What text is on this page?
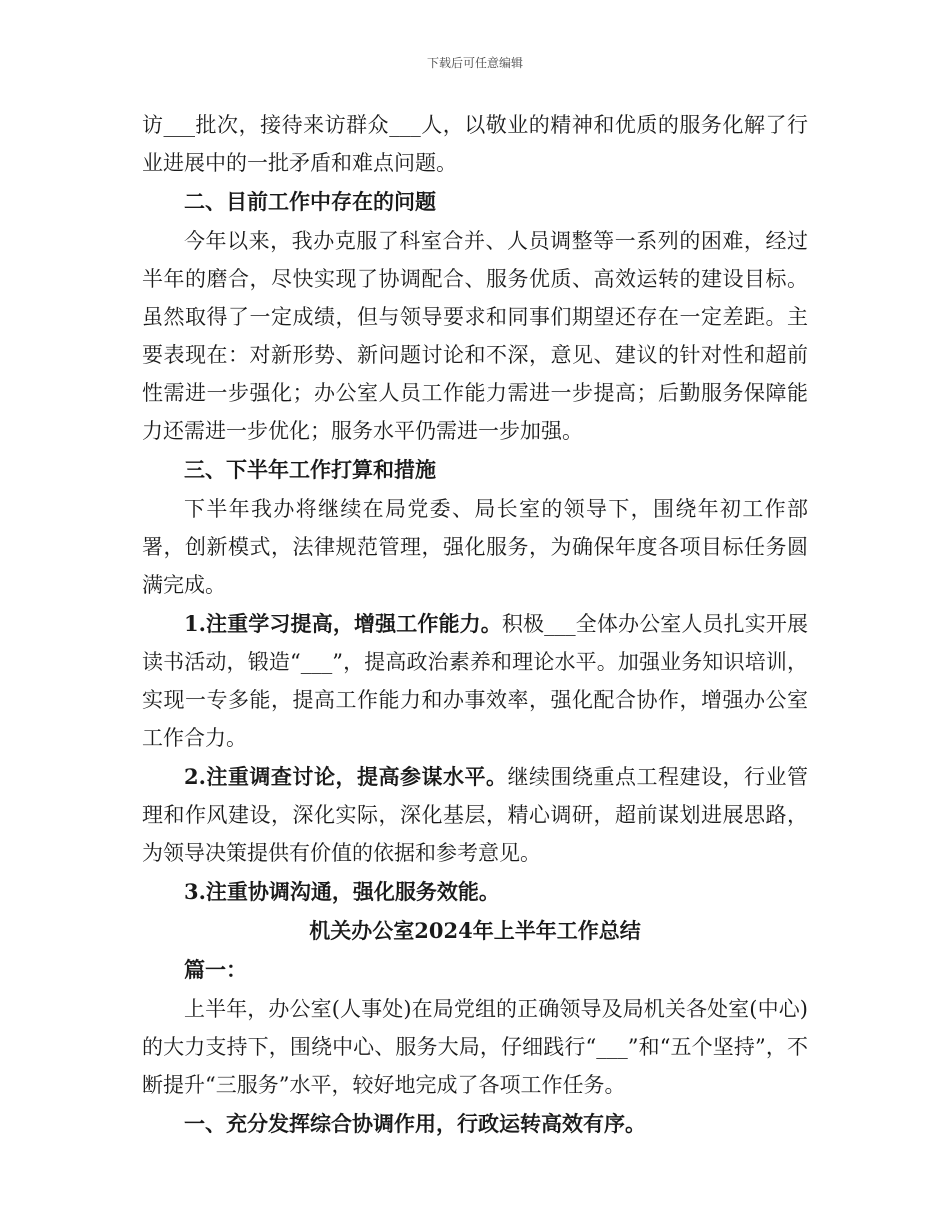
下载后可任意编辑

访___批次，接待来访群众___人，以敬业的精神和优质的服务化解了行业进展中的一批矛盾和难点问题。

二、目前工作中存在的问题

今年以来，我办克服了科室合并、人员调整等一系列的困难，经过半年的磨合，尽快实现了协调配合、服务优质、高效运转的建设目标。虽然取得了一定成绩，但与领导要求和同事们期望还存在一定差距。主要表现在：对新形势、新问题讨论和不深，意见、建议的针对性和超前性需进一步强化；办公室人员工作能力需进一步提高；后勤服务保障能力还需进一步优化；服务水平仍需进一步加强。

三、下半年工作打算和措施

下半年我办将继续在局党委、局长室的领导下，围绕年初工作部署，创新模式，法律规范管理，强化服务，为确保年度各项目标任务圆满完成。

1.注重学习提高，增强工作能力。积极___全体办公室人员扎实开展读书活动，锻造“___”，提高政治素养和理论水平。加强业务知识培训，实现一专多能，提高工作能力和办事效率，强化配合协作，增强办公室工作合力。

2.注重调查讨论，提高参谋水平。继续围绕重点工程建设，行业管理和作风建设，深化实际，深化基层，精心调研，超前谋划进展思路，为领导决策提供有价值的依据和参考意见。

3.注重协调沟通，强化服务效能。

机关办公室2024年上半年工作总结

篇一：

上半年，办公室(人事处)在局党组的正确领导及局机关各处室(中心)的大力支持下，围绕中心、服务大局，仔细践行“___”和“五个坚持”，不断提升“三服务”水平，较好地完成了各项工作任务。

一、充分发挥综合协调作用，行政运转高效有序。
